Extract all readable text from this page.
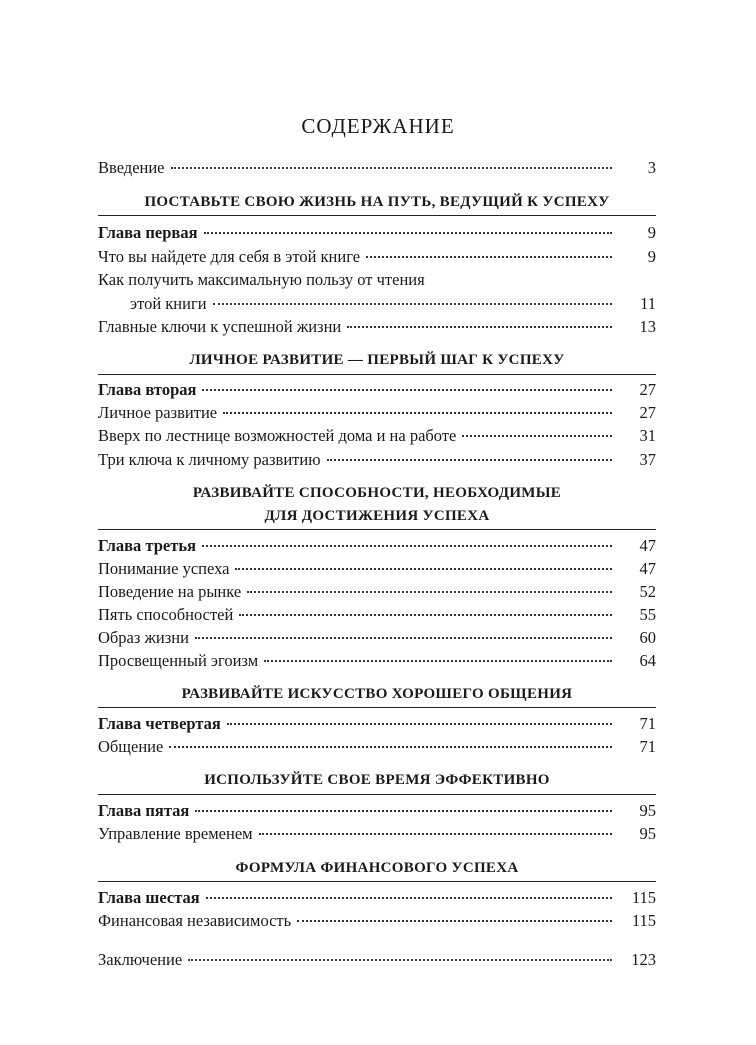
СОДЕРЖАНИЕ
Введение	3
ПОСТАВЬТЕ СВОЮ ЖИЗНЬ НА ПУТЬ, ВЕДУЩИЙ К УСПЕХУ
Глава первая	9
Что вы найдете для себя в этой книге	9
Как получить максимальную пользу от чтения
этой книги	11
Главные ключи к успешной жизни	13
ЛИЧНОЕ РАЗВИТИЕ — ПЕРВЫЙ ШАГ К УСПЕХУ
Глава вторая	27
Личное развитие	27
Вверх по лестнице возможностей дома и на работе	31
Три ключа к личному развитию	37
РАЗВИВАЙТЕ СПОСОБНОСТИ, НЕОБХОДИМЫЕ
ДЛЯ ДОСТИЖЕНИЯ УСПЕХА
Глава третья	47
Понимание успеха	47
Поведение на рынке	52
Пять способностей	55
Образ жизни	60
Просвещенный эгоизм	64
РАЗВИВАЙТЕ ИСКУССТВО ХОРОШЕГО ОБЩЕНИЯ
Глава четвертая	71
Общение	71
ИСПОЛЬЗУЙТЕ СВОЕ ВРЕМЯ ЭФФЕКТИВНО
Глава пятая	95
Управление временем	95
ФОРМУЛА ФИНАНСОВОГО УСПЕХА
Глава шестая	115
Финансовая независимость	115
Заключение	123
